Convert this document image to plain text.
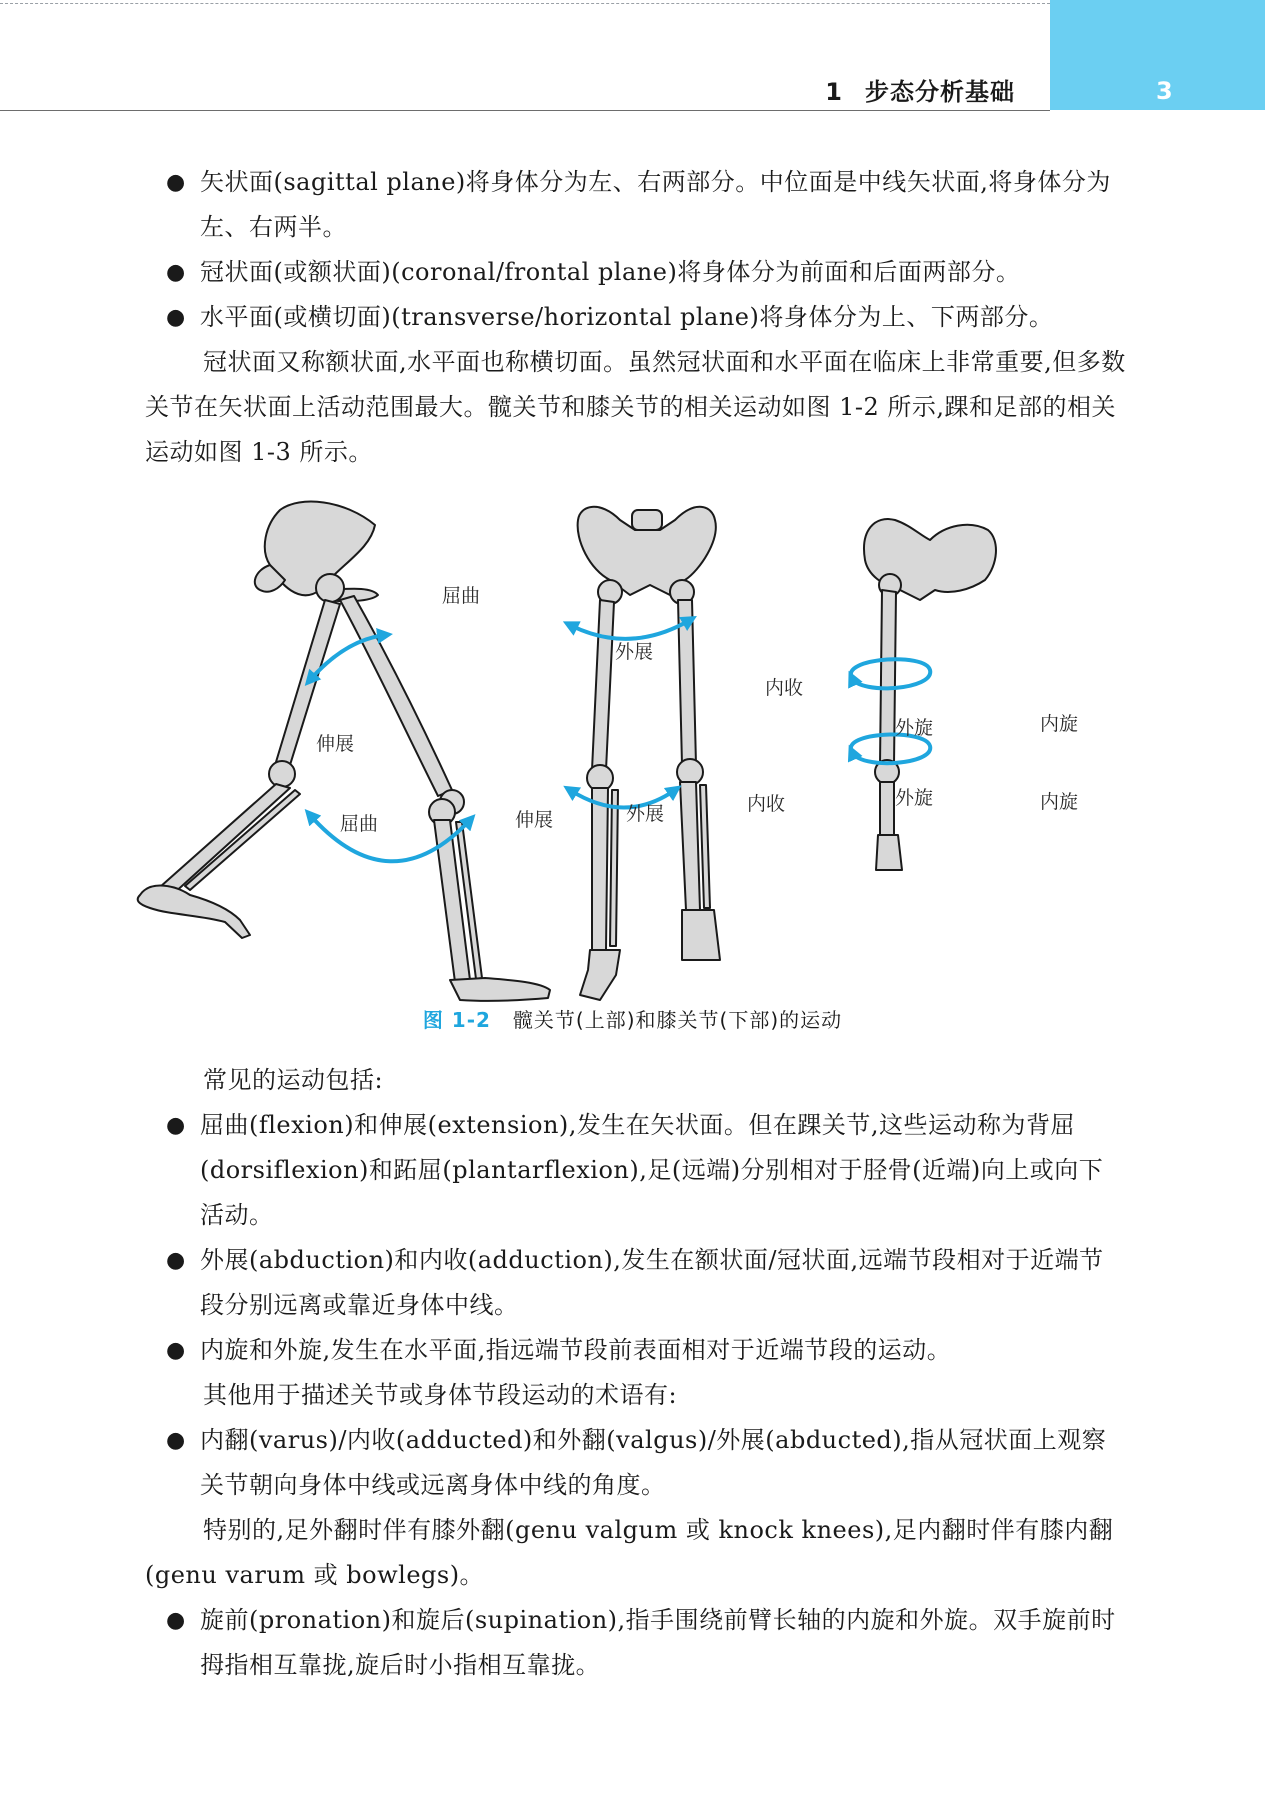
1 步态分析基础	3
● 矢状面(sagittal plane)将身体分为左、右两部分。中位面是中线矢状面,将身体分为左、右两半。
● 冠状面(或额状面)(coronal/frontal plane)将身体分为前面和后面两部分。
● 水平面(或横切面)(transverse/horizontal plane)将身体分为上、下两部分。
冠状面又称额状面,水平面也称横切面。虽然冠状面和水平面在临床上非常重要,但多数关节在矢状面上活动范围最大。髋关节和膝关节的相关运动如图 1-2 所示,踝和足部的相关运动如图 1-3 所示。
屈曲
伸展
屈曲	伸展
外展
内收
外展	内收
外旋	内旋
外旋	内旋
图 1-2 髋关节(上部)和膝关节(下部)的运动
常见的运动包括:
● 屈曲(flexion)和伸展(extension),发生在矢状面。但在踝关节,这些运动称为背屈(dorsiflexion)和跖屈(plantarflexion),足(远端)分别相对于胫骨(近端)向上或向下活动。
● 外展(abduction)和内收(adduction),发生在额状面/冠状面,远端节段相对于近端节段分别远离或靠近身体中线。
● 内旋和外旋,发生在水平面,指远端节段前表面相对于近端节段的运动。
其他用于描述关节或身体节段运动的术语有:
● 内翻(varus)/内收(adducted)和外翻(valgus)/外展(abducted),指从冠状面上观察关节朝向身体中线或远离身体中线的角度。
特别的,足外翻时伴有膝外翻(genu valgum 或 knock knees),足内翻时伴有膝内翻(genu varum 或 bowlegs)。
● 旋前(pronation)和旋后(supination),指手围绕前臂长轴的内旋和外旋。双手旋前时拇指相互靠拢,旋后时小指相互靠拢。
